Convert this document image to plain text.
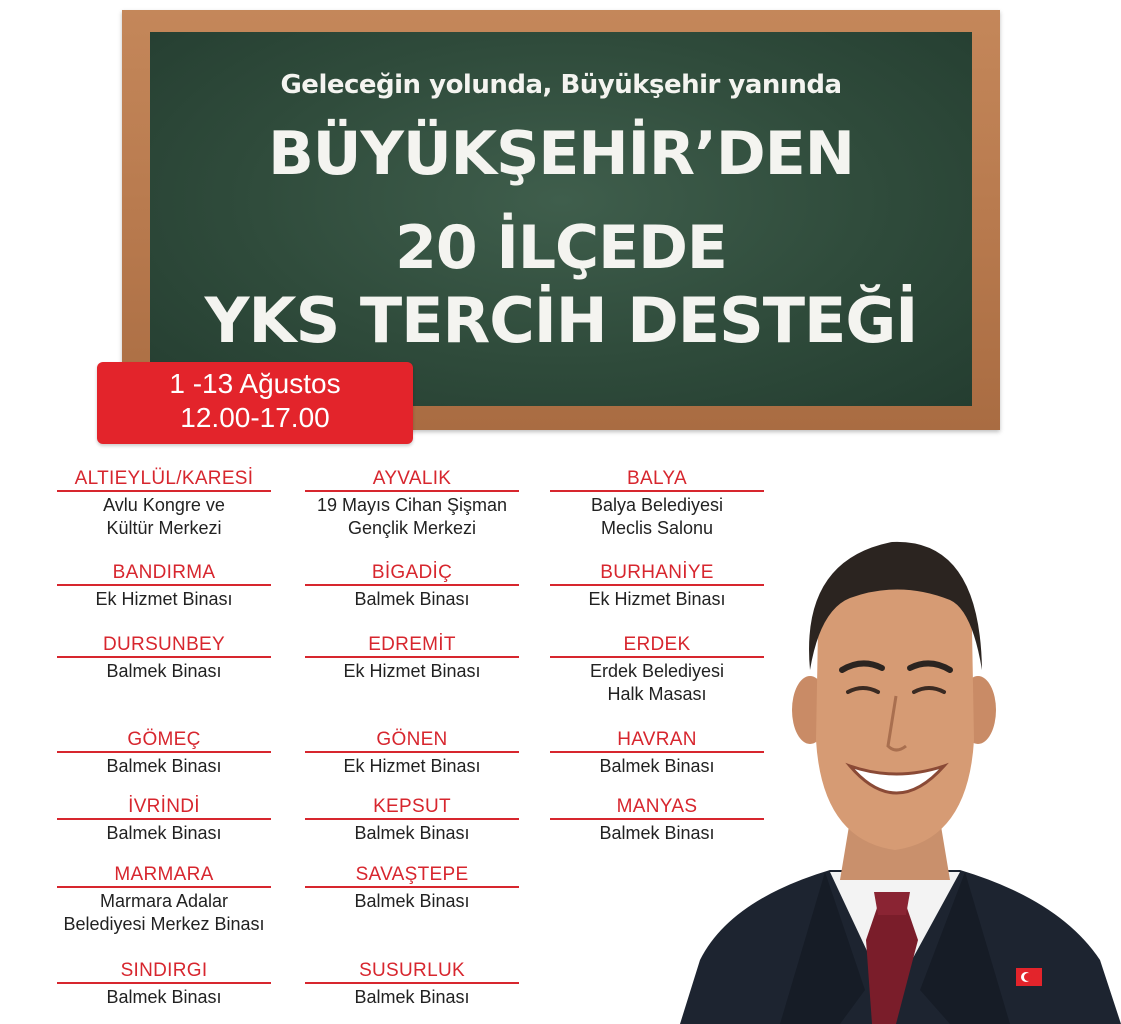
Geleceğin yolunda, Büyükşehir yanında
BÜYÜKŞEHİR’DEN
20 İLÇEDE
YKS TERCİH DESTEĞİ
1 -13 Ağustos
12.00-17.00
ALTIEYLÜL/KARESİ
Avlu Kongre ve
Kültür Merkezi
AYVALIK
19 Mayıs Cihan Şişman
Gençlik Merkezi
BALYA
Balya Belediyesi
Meclis Salonu
BANDIRMA
Ek Hizmet Binası
BİGADİÇ
Balmek Binası
BURHANİYE
Ek Hizmet Binası
DURSUNBEY
Balmek Binası
EDREMİT
Ek Hizmet Binası
ERDEK
Erdek Belediyesi
Halk Masası
GÖMEÇ
Balmek Binası
GÖNEN
Ek Hizmet Binası
HAVRAN
Balmek Binası
İVRİNDİ
Balmek Binası
KEPSUT
Balmek Binası
MANYAS
Balmek Binası
MARMARA
Marmara Adalar
Belediyesi Merkez Binası
SAVAŞTEPE
Balmek Binası
SINDIRGI
Balmek Binası
SUSURLUK
Balmek Binası
